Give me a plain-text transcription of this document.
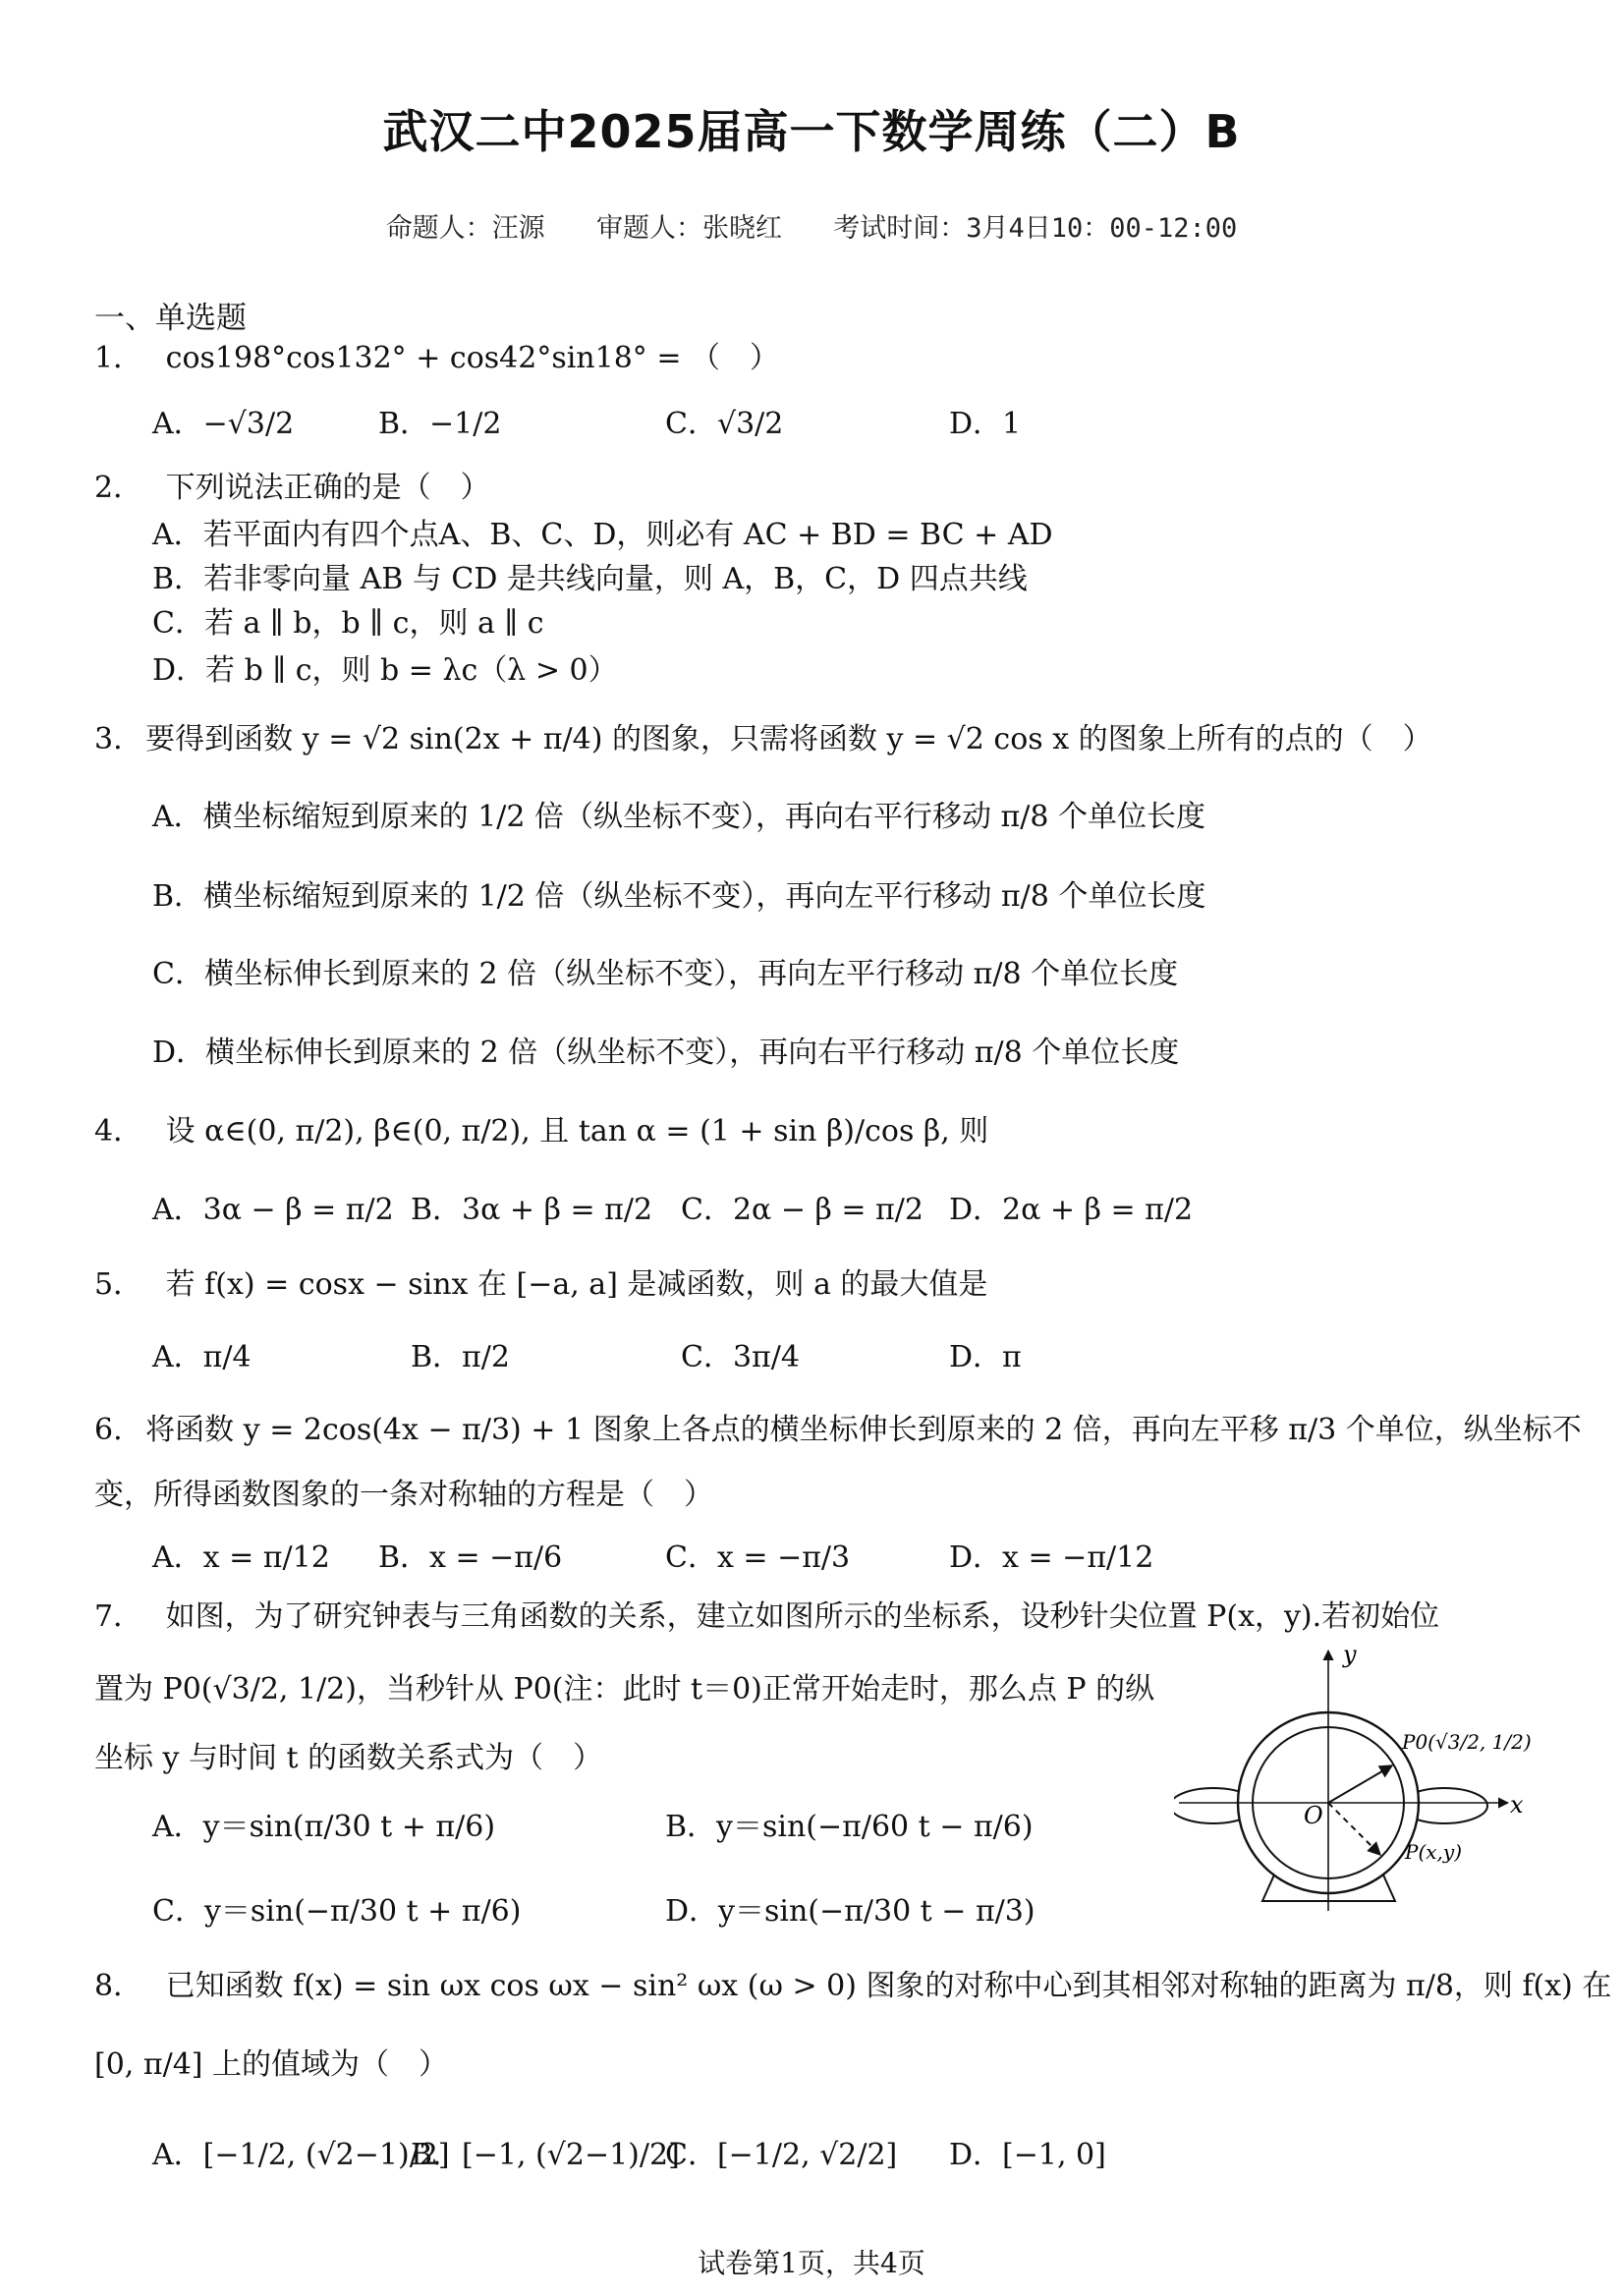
武汉二中2025届高一下数学周练（二）B
命题人：汪源 审题人：张晓红 考试时间：3月4日10：00-12:00
一、单选题
1． cos198°cos132° + cos42°sin18° = （　）
A．−√3/2	B．−1/2	C．√3/2	D．1
2． 下列说法正确的是（　）
A．若平面内有四个点A、B、C、D，则必有 AC + BD = BC + AD
B．若非零向量 AB 与 CD 是共线向量，则 A，B，C，D 四点共线
C．若 a ∥ b，b ∥ c，则 a ∥ c
D．若 b ∥ c，则 b = λc（λ > 0）
3. 要得到函数 y = √2 sin(2x + π/4) 的图象，只需将函数 y = √2 cos x 的图象上所有的点的（　）
A．横坐标缩短到原来的 1/2 倍（纵坐标不变），再向右平行移动 π/8 个单位长度
B．横坐标缩短到原来的 1/2 倍（纵坐标不变），再向左平行移动 π/8 个单位长度
C．横坐标伸长到原来的 2 倍（纵坐标不变），再向左平行移动 π/8 个单位长度
D．横坐标伸长到原来的 2 倍（纵坐标不变），再向右平行移动 π/8 个单位长度
4． 设 α∈(0, π/2), β∈(0, π/2), 且 tan α = (1 + sin β)/cos β, 则
A．3α − β = π/2 B．3α + β = π/2 C．2α − β = π/2 D．2α + β = π/2
5． 若 f(x) = cosx − sinx 在 [−a, a] 是减函数，则 a 的最大值是
A．π/4	B．π/2	C．3π/4	D．π
6. 将函数 y = 2cos(4x − π/3) + 1 图象上各点的横坐标伸长到原来的 2 倍，再向左平移 π/3 个单位，纵坐标不
变，所得函数图象的一条对称轴的方程是（　）
A．x = π/12 B．x = −π/6	C．x = −π/3	D．x = −π/12
7． 如图，为了研究钟表与三角函数的关系，建立如图所示的坐标系，设秒针尖位置 P(x，y).若初始位
置为 P0(√3/2, 1/2)，当秒针从 P0(注：此时 t＝0)正常开始走时，那么点 P 的纵
坐标 y 与时间 t 的函数关系式为（　）
A．y＝sin(π/30 t + π/6)	B．y＝sin(−π/60 t − π/6)
C．y＝sin(−π/30 t + π/6)	D．y＝sin(−π/30 t − π/3)
y
x
O
P0(√3/2, 1/2)
P(x,y)
8． 已知函数 f(x) = sin ωx cos ωx − sin² ωx (ω > 0) 图象的对称中心到其相邻对称轴的距离为 π/8，则 f(x) 在
[0, π/4] 上的值域为（　）
A．[−1/2, (√2−1)/2]
B．[−1, (√2−1)/2]
C．[−1/2, √2/2] D．[−1, 0]
试卷第1页，共4页
